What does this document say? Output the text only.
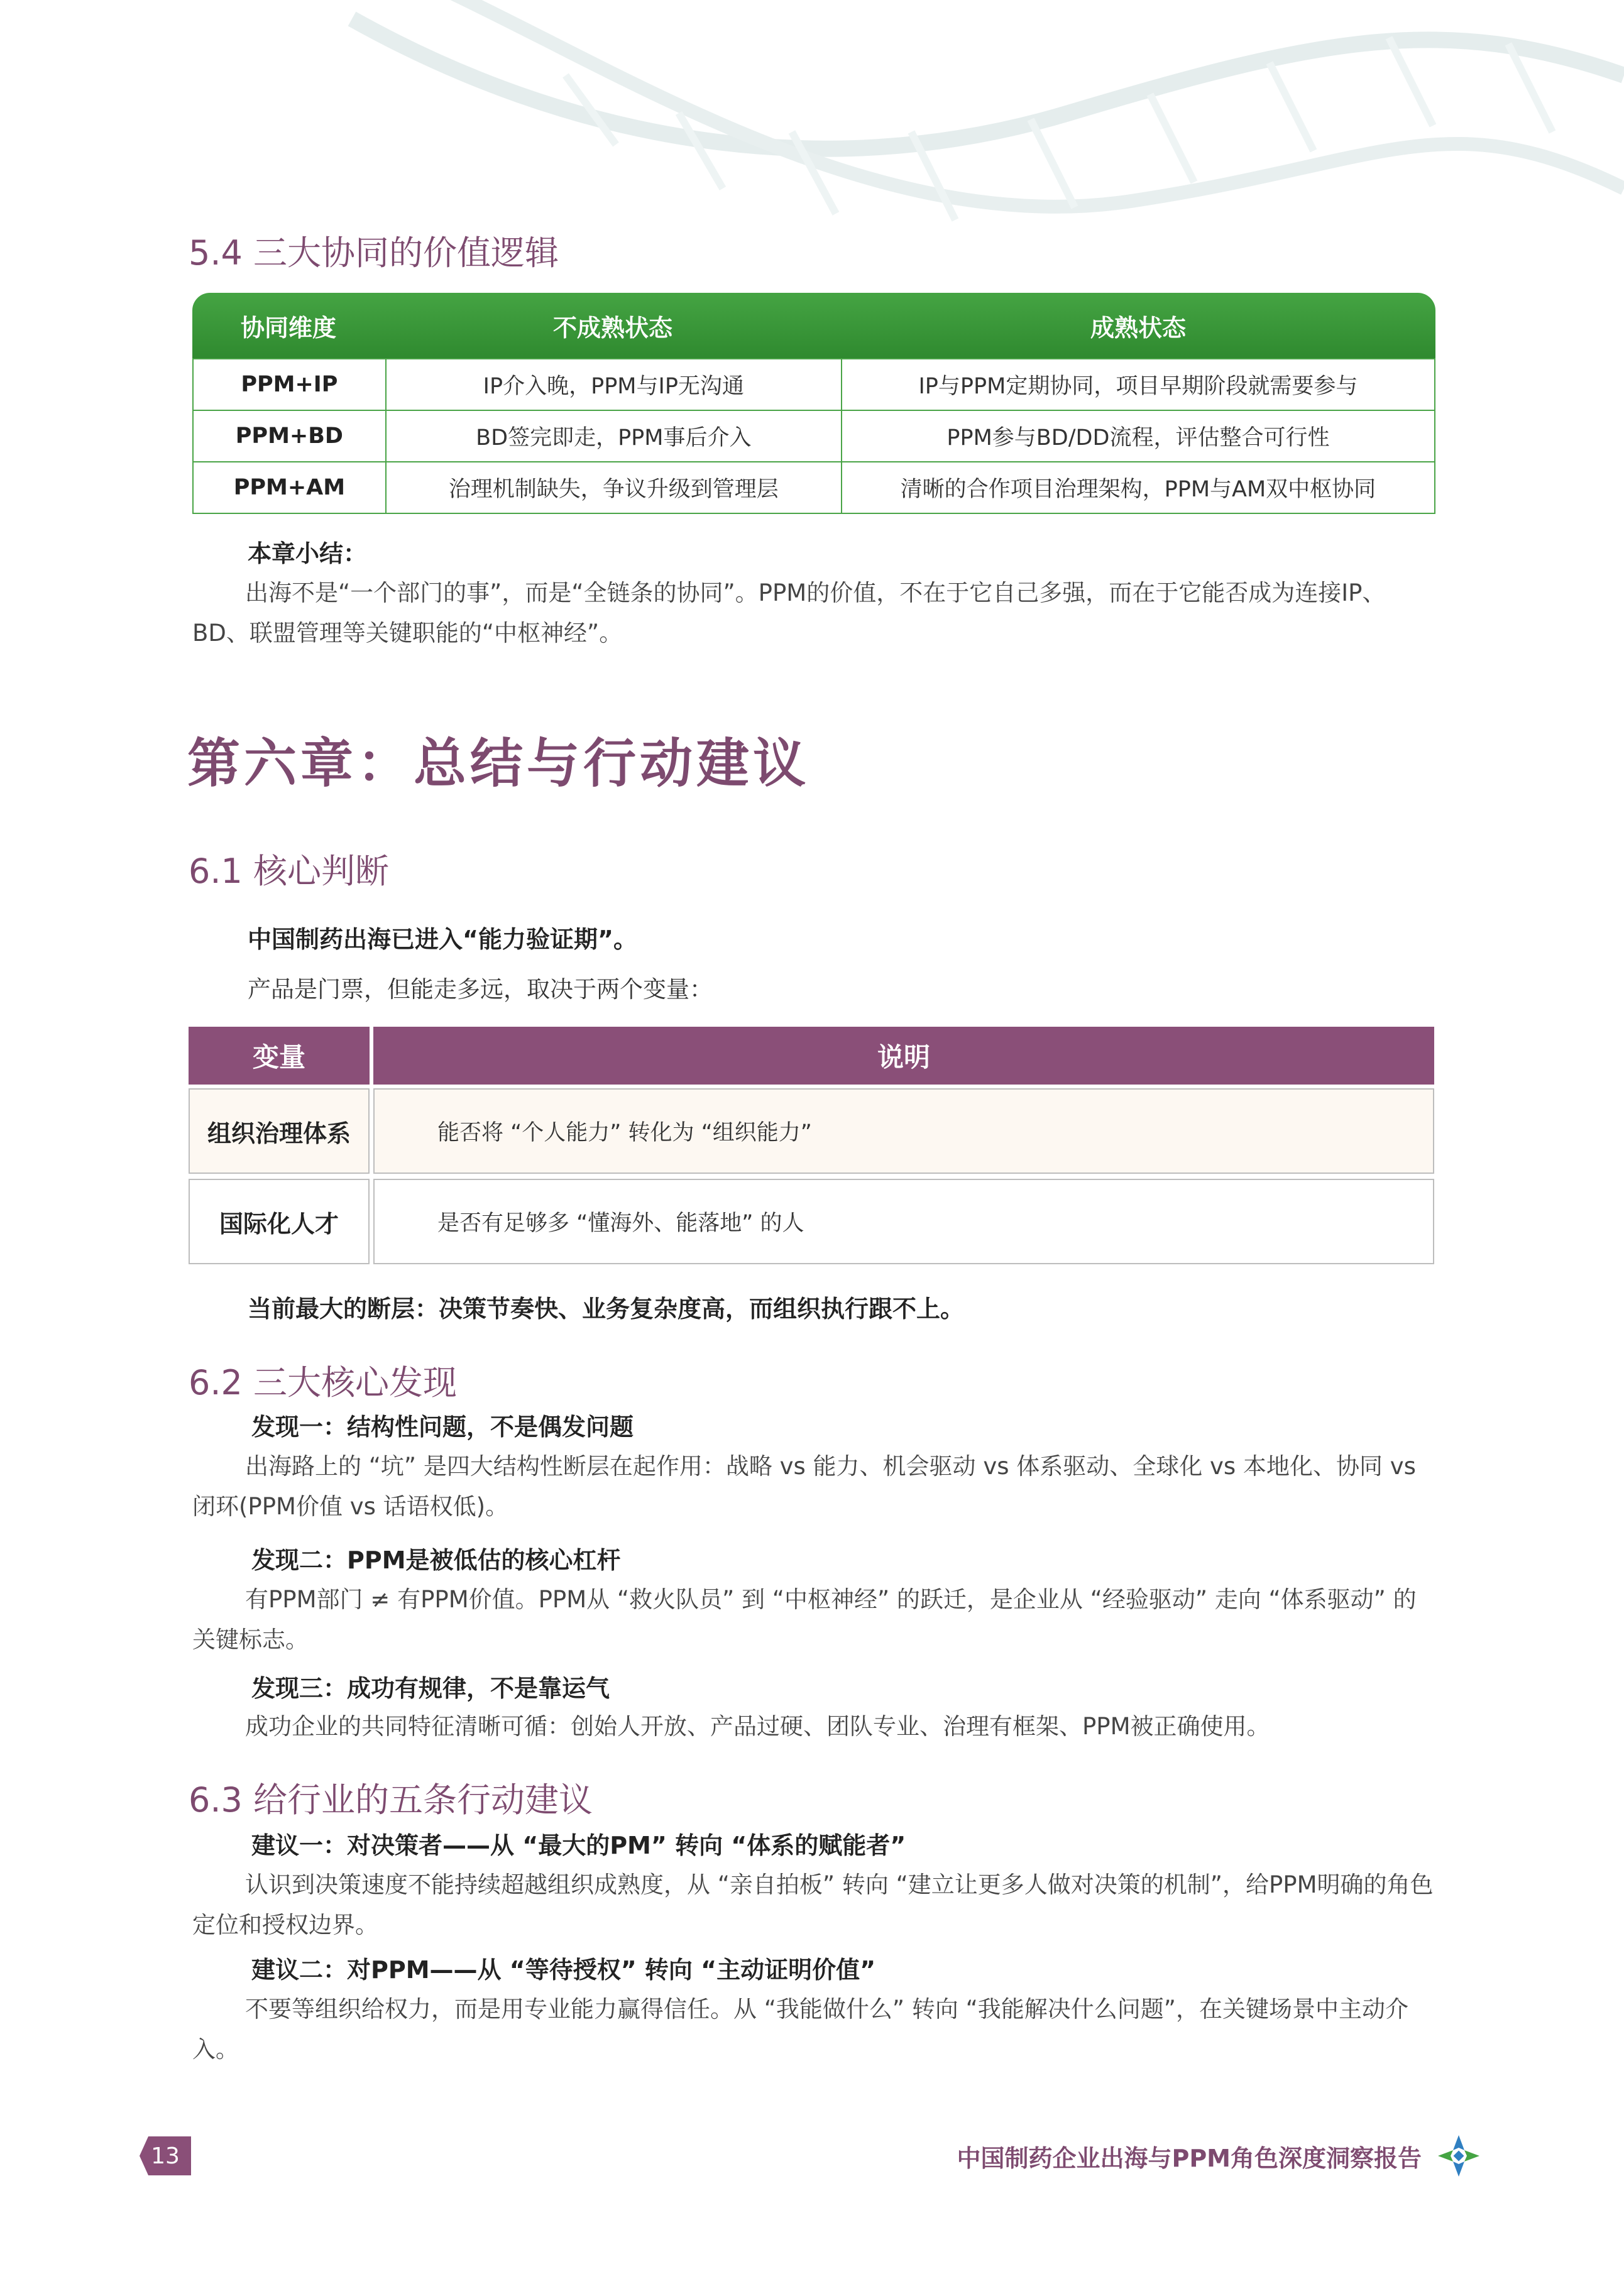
5.4 三大协同的价值逻辑
协同维度	不成熟状态	成熟状态
PPM+IP	IP介入晚，PPM与IP无沟通	IP与PPM定期协同，项目早期阶段就需要参与
PPM+BD	BD签完即走，PPM事后介入	PPM参与BD/DD流程，评估整合可行性
PPM+AM	治理机制缺失，争议升级到管理层	清晰的合作项目治理架构，PPM与AM双中枢协同
本章小结：
出海不是“一个部门的事”，而是“全链条的协同”。PPM的价值，不在于它自己多强，而在于它能否成为连接IP、BD、联盟管理等关键职能的“中枢神经”。
第六章：总结与行动建议
6.1 核心判断
中国制药出海已进入“能力验证期”。
产品是门票，但能走多远，取决于两个变量：
变量	说明
组织治理体系	能否将 “个人能力” 转化为 “组织能力”
国际化人才	是否有足够多 “懂海外、能落地” 的人
当前最大的断层：决策节奏快、业务复杂度高，而组织执行跟不上。
6.2 三大核心发现
发现一：结构性问题，不是偶发问题
出海路上的 “坑” 是四大结构性断层在起作用：战略 vs 能力、机会驱动 vs 体系驱动、全球化 vs 本地化、协同 vs 闭环(PPM价值 vs 话语权低)。
发现二：PPM是被低估的核心杠杆
有PPM部门 ≠ 有PPM价值。PPM从 “救火队员” 到 “中枢神经” 的跃迁，是企业从 “经验驱动” 走向 “体系驱动” 的关键标志。
发现三：成功有规律，不是靠运气
成功企业的共同特征清晰可循：创始人开放、产品过硬、团队专业、治理有框架、PPM被正确使用。
6.3 给行业的五条行动建议
建议一：对决策者——从 “最大的PM” 转向 “体系的赋能者”
认识到决策速度不能持续超越组织成熟度，从 “亲自拍板” 转向 “建立让更多人做对决策的机制”，给PPM明确的角色定位和授权边界。
建议二：对PPM——从 “等待授权” 转向 “主动证明价值”
不要等组织给权力，而是用专业能力赢得信任。从 “我能做什么” 转向 “我能解决什么问题”，在关键场景中主动介入。
13	中国制药企业出海与PPM角色深度洞察报告
